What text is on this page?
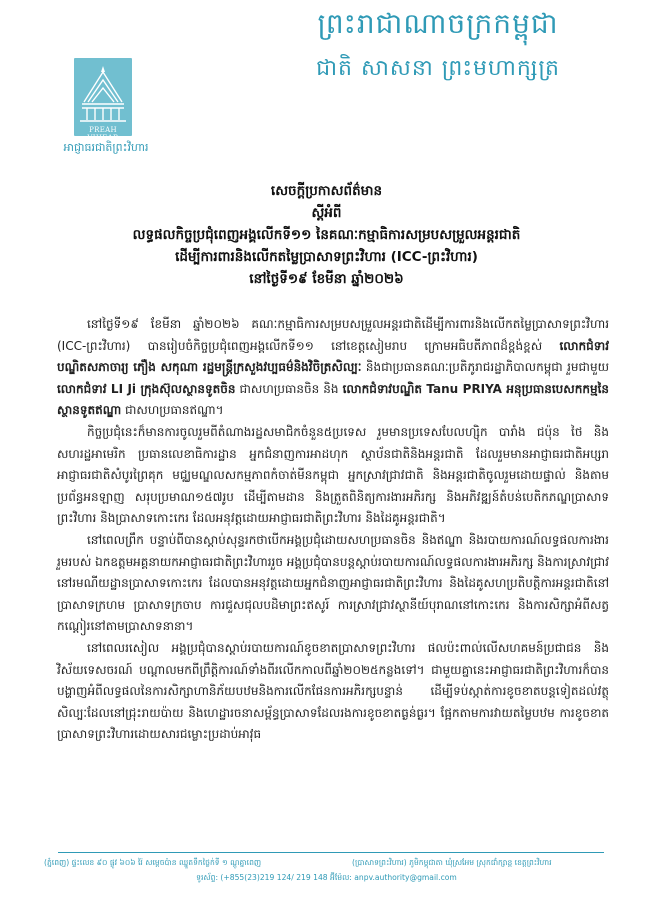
ព្រះរាជាណាចក្រកម្ពុជា
ជាតិ សាសនា ព្រះមហាក្សត្រ
PREAH VIHEAR
អាជ្ញាធរជាតិព្រះវិហារ
សេចក្តីប្រកាសព័ត៌មាន
ស្តីអំពី
លទ្ធផលកិច្ចប្រជុំពេញអង្គលើកទី១១ នៃគណៈកម្មាធិការសម្របសម្រួលអន្តរជាតិ
ដើម្បីការពារនិងលើកតម្លៃប្រាសាទព្រះវិហារ (ICC-ព្រះវិហារ)
នៅថ្ងៃទី១៩ ខែមីនា ឆ្នាំ២០២៦

នៅថ្ងៃទី១៩ ខែមីនា ឆ្នាំ២០២៦ គណៈកម្មាធិការសម្របសម្រួលអន្តរជាតិដើម្បីការពារនិងលើកតម្លៃប្រាសាទព្រះវិហារ (ICC-ព្រះវិហារ) បានរៀបចំកិច្ចប្រជុំពេញអង្គលើកទី១១ នៅខេត្តសៀមរាប ក្រោមអធិបតីភាពដ៏ខ្ពង់ខ្ពស់ លោកជំទាវបណ្ឌិតសភាចារ្យ ភឿង សកុណា រដ្ឋមន្ត្រីក្រសួងវប្បធម៌និងវិចិត្រសិល្បៈ និងជាប្រធានគណៈប្រតិភូរាជរដ្ឋាភិបាលកម្ពុជា រួមជាមួយ លោកជំទាវ LI Ji ក្រុងស៊ុលស្ថានទូតចិន ជាសហប្រធានចិន និង លោកជំទាវបណ្ឌិត Tanu PRIYA អនុប្រធានបេសកកម្មនៃស្ថានទូតឥណ្ឌា ជាសហប្រធានឥណ្ឌា។

កិច្ចប្រជុំនេះក៏មានការចូលរួមពីតំណាងរដ្ឋសមាជិកចំនួន៥ប្រទេស រួមមានប្រទេសបែលហ្ស៊ិក បារាំង ជប៉ុន ថៃ និងសហរដ្ឋអាមេរិក ប្រធានលេខាធិការដ្ឋាន អ្នកជំនាញការអាដហុក ស្ថាប័នជាតិនិងអន្តរជាតិ ដែលរួមមានអាជ្ញាធរជាតិអប្សរា អាជ្ញាធរជាតិសំបូរព្រៃគុក មជ្ឈមណ្ឌលសកម្មភាពកំចាត់មីនកម្ពុជា អ្នកស្រាវជ្រាវជាតិ និងអន្តរជាតិចូលរួមដោយផ្ទាល់ និងតាមប្រព័ន្ធអនឡាញ សរុបប្រមាណ១៥៧រូប ដើម្បីតាមដាន និងត្រួតពិនិត្យការងារអភិរក្ស និងអភិវឌ្ឍន៍តំបន់បេតិកភណ្ឌប្រាសាទព្រះវិហារ និងប្រាសាទកោះកេរ ដែលអនុវត្តដោយអាជ្ញាធរជាតិព្រះវិហារ និងដៃគូអន្តរជាតិ។

នៅពេលព្រឹក បន្ទាប់ពីបានស្តាប់សុន្ទរកថាបើកអង្គប្រជុំដោយសហប្រធានចិន និងឥណ្ឌា និងរបាយការណ៍លទ្ធផលការងាររួមរបស់ ឯកឧត្តមអគ្គនាយកអាជ្ញាធរជាតិព្រះវិហាររួច អង្គប្រជុំបានបន្តស្តាប់របាយការណ៍លទ្ធផលការងារអភិរក្ស និងការស្រាវជ្រាវនៅរមណីយដ្ឋានប្រាសាទកោះកេរ ដែលបានអនុវត្តដោយអ្នកជំនាញអាជ្ញាធរជាតិព្រះវិហារ និងដៃគូសហប្រតិបត្តិការអន្តរជាតិនៅប្រាសាទក្រហម ប្រាសាទក្រចាប ការជួសជុលបដិមាព្រះឥសូរ៍ ការស្រាវជ្រាវស្ថានីយ៍បុរាណនៅកោះកេរ និងការសិក្សាអំពីសត្វកណ្ដៀរនៅតាមប្រាសាទនានា។

នៅពេលរសៀល អង្គប្រជុំបានស្តាប់របាយការណ៍ខូចខាតប្រាសាទព្រះវិហារ ផលប៉ះពាល់លើសហគមន៍ប្រជាជន និងវិស័យទេសចរណ៍ បណ្តាលមកពីព្រឹត្តិការណ៍ទាំងពីរលើកកាលពីឆ្នាំ២០២៥កន្លងទៅ។ ជាមួយគ្នានេះអាជ្ញាធរជាតិព្រះវិហារក៏បានបង្ហាញអំពីលទ្ធផលនៃការសិក្សាហានិភ័យបឋមនិងការលើកផែនការអភិរក្សបន្ទាន់ ដើម្បីទប់ស្កាត់ការខូចខាតបន្តទៀតដល់វត្ថុសិល្បៈដែលនៅជ្រុះរាយប៉ាយ និងហេដ្ឋារចនាសម្ព័ន្ធប្រាសាទដែលរងការខូចខាតធ្ងន់ធ្ងរ។ ផ្អែកតាមការវាយតម្លៃបឋម ការខូចខាតប្រាសាទព្រះវិហារដោយសារជម្លោះប្រដាប់អាវុធ

(ភ្នំពេញ) ផ្ទះលេខ ៩០ ផ្លូវ ៦០៦ រ៉ៃ សម្តេចប៉ាន ឈ្នួតទឹកថ្លៃក់ទី ១ ណ្តូគ្នាពេញ	(ប្រាសាទព្រះវិហារ) ភូមិកម្ពុជាតា ឃុំស្រអែម ស្រុកជាំក្សាន្ត ខេត្តព្រះវិហារ
ទូរស័ព្ទ: (+855(23)219 124/ 219 148 អ៊ីម៉ែល: anpv.authority@gmail.com
